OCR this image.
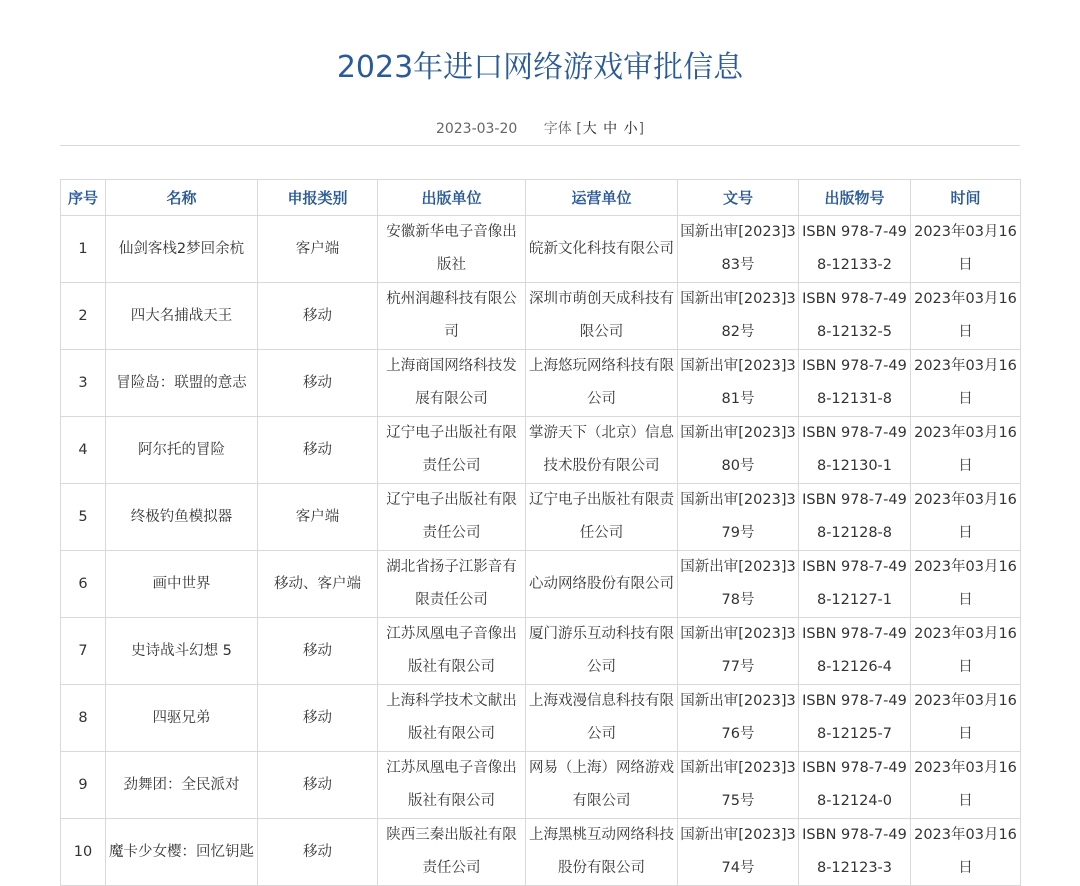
2023年进口网络游戏审批信息
2023-03-20 字体 [大 中 小]
序号	名称	申报类别	出版单位	运营单位	文号	出版物号	时间
1	仙剑客栈2梦回余杭	客户端	安徽新华电子音像出版社	皖新文化科技有限公司	国新出审[2023]383号	ISBN 978-7-498-12133-2	2023年03月16日
2	四大名捕战天王	移动	杭州润趣科技有限公司	深圳市萌创天成科技有限公司	国新出审[2023]382号	ISBN 978-7-498-12132-5	2023年03月16日
3	冒险岛：联盟的意志	移动	上海商国网络科技发展有限公司	上海悠玩网络科技有限公司	国新出审[2023]381号	ISBN 978-7-498-12131-8	2023年03月16日
4	阿尔托的冒险	移动	辽宁电子出版社有限责任公司	掌游天下（北京）信息技术股份有限公司	国新出审[2023]380号	ISBN 978-7-498-12130-1	2023年03月16日
5	终极钓鱼模拟器	客户端	辽宁电子出版社有限责任公司	辽宁电子出版社有限责任公司	国新出审[2023]379号	ISBN 978-7-498-12128-8	2023年03月16日
6	画中世界	移动、客户端	湖北省扬子江影音有限责任公司	心动网络股份有限公司	国新出审[2023]378号	ISBN 978-7-498-12127-1	2023年03月16日
7	史诗战斗幻想 5	移动	江苏凤凰电子音像出版社有限公司	厦门游乐互动科技有限公司	国新出审[2023]377号	ISBN 978-7-498-12126-4	2023年03月16日
8	四驱兄弟	移动	上海科学技术文献出版社有限公司	上海戏漫信息科技有限公司	国新出审[2023]376号	ISBN 978-7-498-12125-7	2023年03月16日
9	劲舞团：全民派对	移动	江苏凤凰电子音像出版社有限公司	网易（上海）网络游戏有限公司	国新出审[2023]375号	ISBN 978-7-498-12124-0	2023年03月16日
10	魔卡少女樱：回忆钥匙	移动	陕西三秦出版社有限责任公司	上海黑桃互动网络科技股份有限公司	国新出审[2023]374号	ISBN 978-7-498-12123-3	2023年03月16日
